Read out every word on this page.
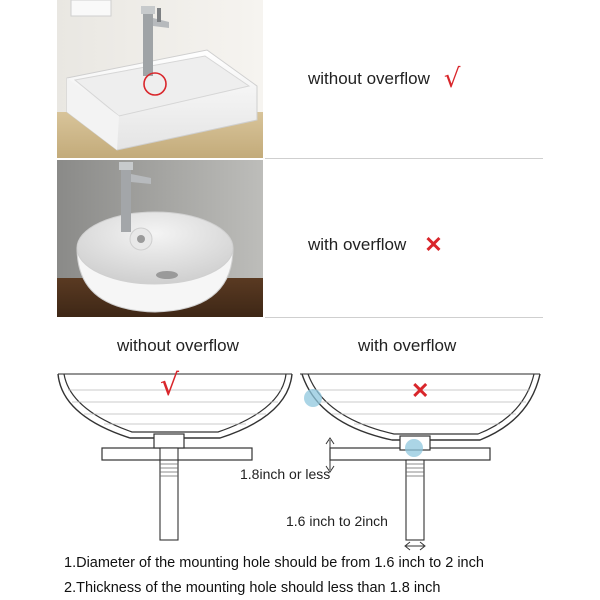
without overflow √
with overflow ✕
without overflow	with overflow
√	✕
1.8inch or less
1.6 inch to 2inch
1.Diameter of the mounting hole should be from 1.6 inch to 2 inch
2.Thickness of the mounting hole should less than 1.8 inch
